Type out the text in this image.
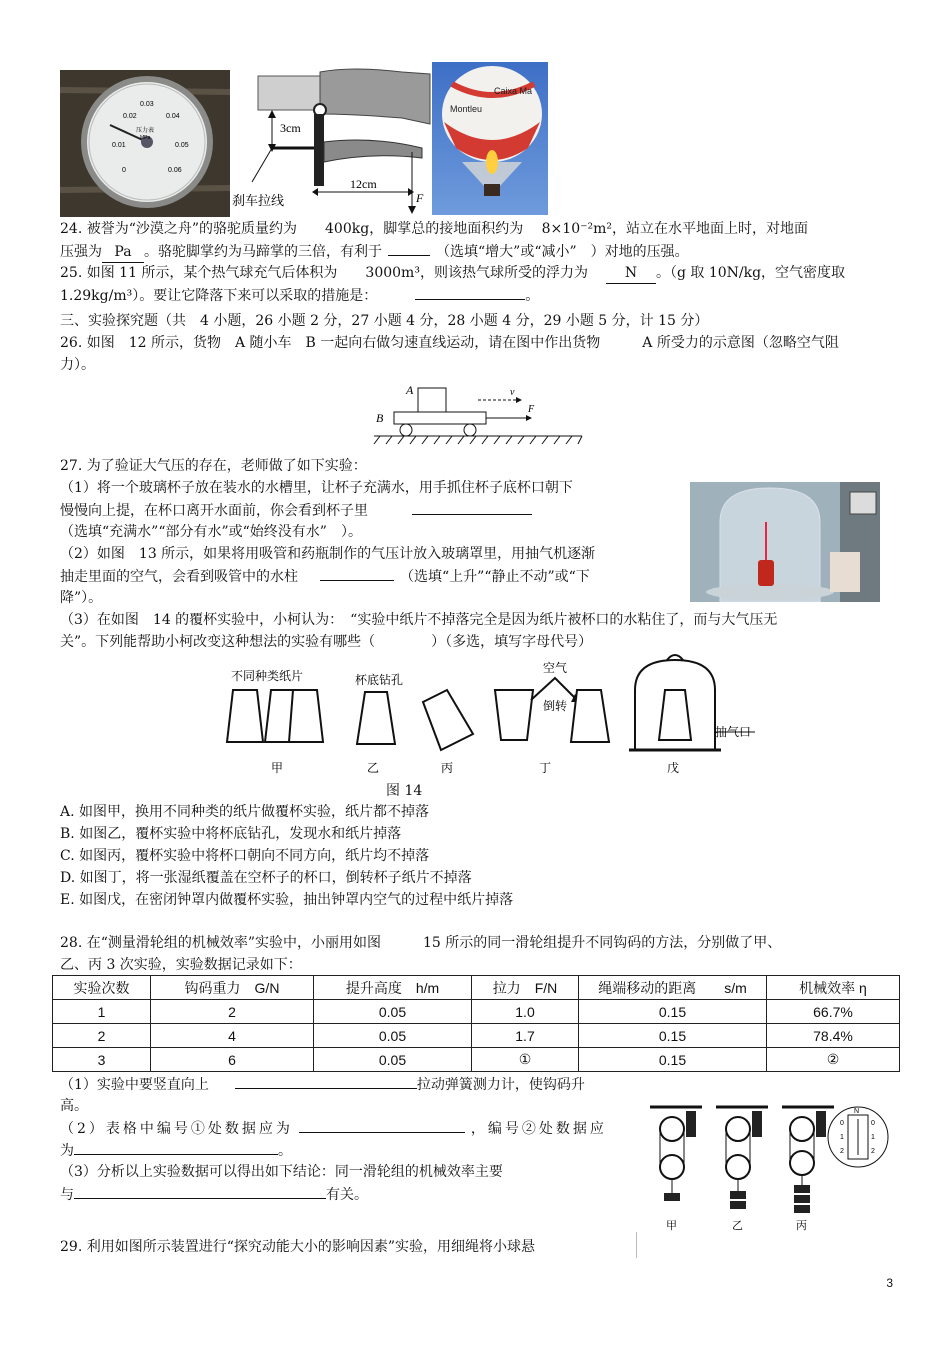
0.02
0.03
0.04
0.01	0.05
0	0.06
压力表
MPa
3cm
12cm
F
刹车拉线
Montleu
Caixa Ma
24. 被誉为“沙漠之舟”的骆驼质量约为　　400kg，脚掌总的接地面积约为　 8×10⁻²m²，站立在水平地面上时，对地面
压强为 Pa 。骆驼脚掌约为马蹄掌的三倍，有利于	（选填“增大”或“减小”　）对地的压强。
25. 如图 11 所示，某个热气球充气后体积为　　3000m³，则该热气球所受的浮力为	N 。（g 取 10N/kg，空气密度取
1.29kg/m³）。要让它降落下来可以采取的措施是：	。
三、实验探究题（共　4 小题，26 小题 2 分，27 小题 4 分，28 小题 4 分，29 小题 5 分，计 15 分）
26. 如图　12 所示，货物　A 随小车　B 一起向右做匀速直线运动，请在图中作出货物　　　A 所受力的示意图（忽略空气阻
力）。
A
B
v
F
27. 为了验证大气压的存在，老师做了如下实验：
（1）将一个玻璃杯子放在装水的水槽里，让杯子充满水，用手抓住杯子底杯口朝下
慢慢向上提，在杯口离开水面前，你会看到杯子里
（选填“充满水”“部分有水”或“始终没有水”　）。
（2）如图　13 所示，如果将用吸管和药瓶制作的气压计放入玻璃罩里，用抽气机逐渐
抽走里面的空气，会看到吸管中的水柱	（选填“上升”“静止不动”或“下
降”）。
（3）在如图　14 的覆杯实验中，小柯认为：　“实验中纸片不掉落完全是因为纸片被杯口的水粘住了，而与大气压无
关”。下列能帮助小柯改变这种想法的实验有哪些（　　　　）（多选，填写字母代号）
不同种类纸片	杯底钻孔
空气
倒转
抽气口
甲	乙	丙	丁	戊
图 14
A. 如图甲，换用不同种类的纸片做覆杯实验，纸片都不掉落
B. 如图乙，覆杯实验中将杯底钻孔，发现水和纸片掉落
C. 如图丙，覆杯实验中将杯口朝向不同方向，纸片均不掉落
D. 如图丁，将一张湿纸覆盖在空杯子的杯口，倒转杯子纸片不掉落
E. 如图戊，在密闭钟罩内做覆杯实验，抽出钟罩内空气的过程中纸片掉落
28. 在“测量滑轮组的机械效率”实验中，小丽用如图　　　15 所示的同一滑轮组提升不同钩码的方法，分别做了甲、
乙、丙 3 次实验，实验数据记录如下：
实验次数	钩码重力　G/N	提升高度　h/m	拉力　F/N	绳端移动的距离　　s/m	机械效率 η
1	2	0.05	1.0	0.15	66.7%
2	4	0.05	1.7	0.15	78.4%
3	6	0.05	①	0.15	②
（1）实验中要竖直向上	拉动弹簧测力计，使钩码升
高。
（2）表格中编号①处数据应为	，编号②处数据应
为	。
（3）分析以上实验数据可以得出如下结论：同一滑轮组的机械效率主要
与	有关。
N
0
1
2
0
1
2
甲	乙	丙
29. 利用如图所示装置进行“探究动能大小的影响因素”实验，用细绳将小球悬
3
